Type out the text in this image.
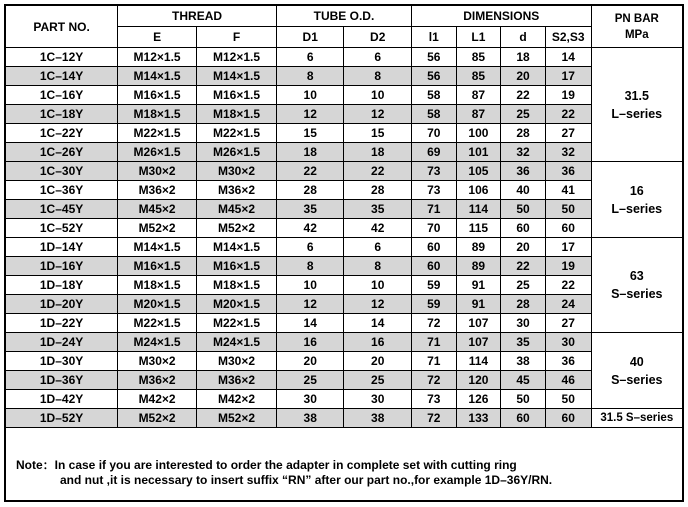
PART NO.	THREAD		TUBE O.D.		DIMENSIONS				PN BAR
MPa

	E	F	D1	D2	l1	L1	d	S2,S3	
1C–12Y	M12×1.5	M12×1.5	6	6	56	85	18	14	31.5
L–series

1C–14Y	M14×1.5	M14×1.5	8	8	56	85	20	17	
1C–16Y	M16×1.5	M16×1.5	10	10	58	87	22	19	
1C–18Y	M18×1.5	M18×1.5	12	12	58	87	25	22	
1C–22Y	M22×1.5	M22×1.5	15	15	70	100	28	27	
1C–26Y	M26×1.5	M26×1.5	18	18	69	101	32	32	
1C–30Y	M30×2	M30×2	22	22	73	105	36	36	16
L–series

1C–36Y	M36×2	M36×2	28	28	73	106	40	41	
1C–45Y	M45×2	M45×2	35	35	71	114	50	50	
1C–52Y	M52×2	M52×2	42	42	70	115	60	60	
1D–14Y	M14×1.5	M14×1.5	6	6	60	89	20	17	63
S–series

1D–16Y	M16×1.5	M16×1.5	8	8	60	89	22	19	
1D–18Y	M18×1.5	M18×1.5	10	10	59	91	25	22	
1D–20Y	M20×1.5	M20×1.5	12	12	59	91	28	24	
1D–22Y	M22×1.5	M22×1.5	14	14	72	107	30	27	
1D–24Y	M24×1.5	M24×1.5	16	16	71	107	35	30	40
S–series

1D–30Y	M30×2	M30×2	20	20	71	114	38	36	
1D–36Y	M36×2	M36×2	25	25	72	120	45	46	
1D–42Y	M42×2	M42×2	30	30	73	126	50	50	
1D–52Y	M52×2	M52×2	38	38	72	133	60	60	31.5 S–series
Note：In case if you are interested to order the adapter in complete set with cutting ring
and nut ,it is necessary to insert suffix “RN” after our part no.,for example 1D–36Y/RN.
